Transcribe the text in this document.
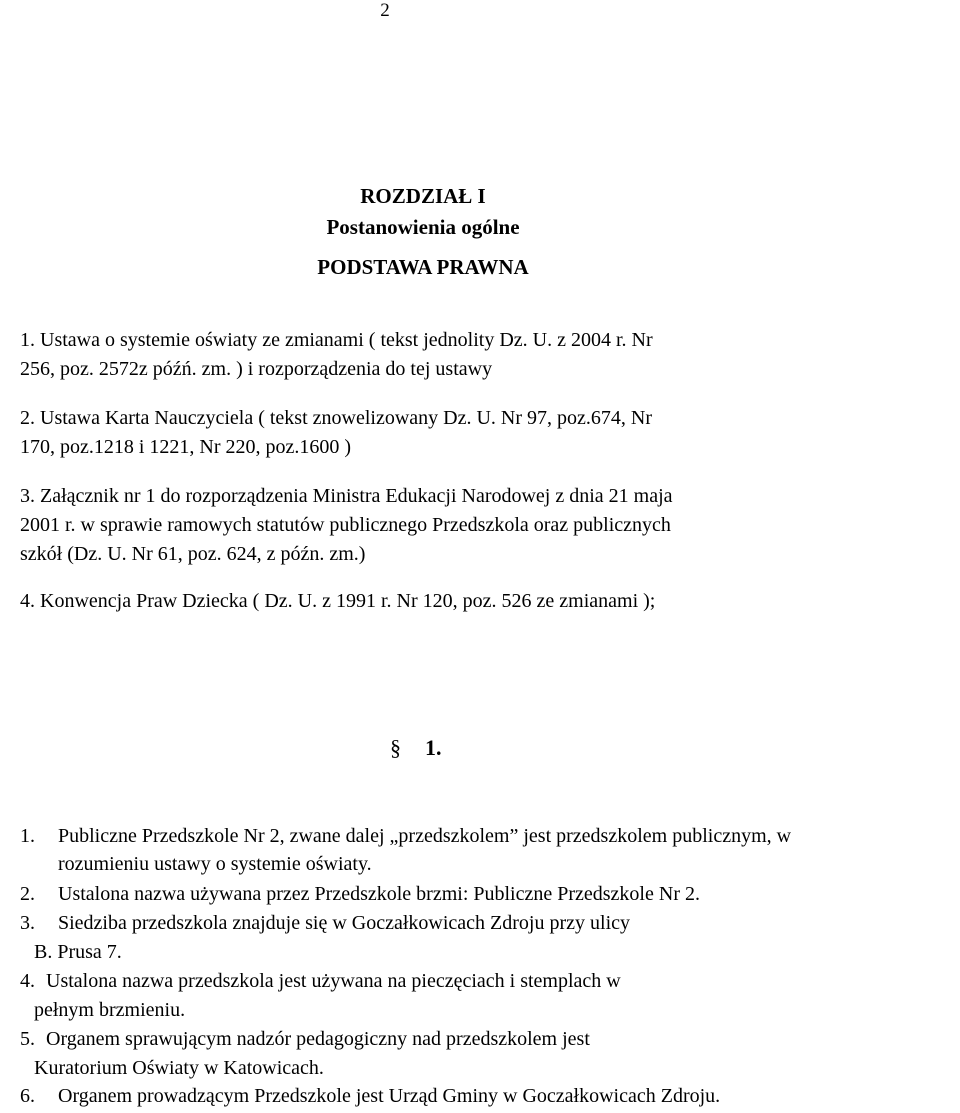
2
ROZDZIAŁ I
Postanowienia ogólne
PODSTAWA PRAWNA
1. Ustawa o systemie oświaty ze zmianami ( tekst jednolity Dz. U. z 2004 r. Nr
256, poz. 2572z późń. zm. ) i rozporządzenia do tej ustawy
2. Ustawa Karta Nauczyciela ( tekst znowelizowany Dz. U. Nr 97, poz.674, Nr
170, poz.1218 i 1221, Nr 220, poz.1600 )
3. Załącznik nr 1 do rozporządzenia Ministra Edukacji Narodowej z dnia 21 maja
2001 r. w sprawie ramowych statutów publicznego Przedszkola oraz publicznych
szkół (Dz. U. Nr 61, poz. 624, z późn. zm.)
4. Konwencja Praw Dziecka ( Dz. U. z 1991 r. Nr 120, poz. 526 ze zmianami );
§ 1.
1. Publiczne Przedszkole Nr 2, zwane dalej „przedszkolem” jest przedszkolem publicznym, w
rozumieniu ustawy o systemie oświaty.
2. Ustalona nazwa używana przez Przedszkole brzmi: Publiczne Przedszkole Nr 2.
3. Siedziba przedszkola znajduje się w Goczałkowicach Zdroju przy ulicy
B. Prusa 7.
4. Ustalona nazwa przedszkola jest używana na pieczęciach i stemplach w
pełnym brzmieniu.
5. Organem sprawującym nadzór pedagogiczny nad przedszkolem jest
Kuratorium Oświaty w Katowicach.
6. Organem prowadzącym Przedszkole jest Urząd Gminy w Goczałkowicach Zdroju.
